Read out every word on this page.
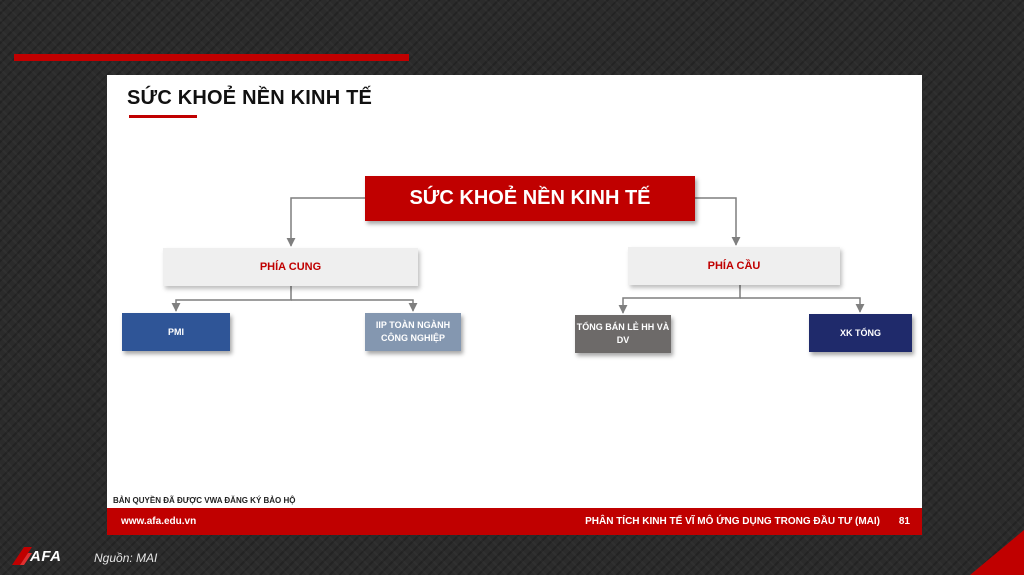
SỨC KHOẺ NỀN KINH TẾ
SỨC KHOẺ NỀN KINH TẾ
PHÍA CUNG	PHÍA CẦU
PMI
IIP TOÀN NGÀNH CÔNG NGHIỆP
TỔNG BÁN LẺ HH VÀ DV
XK TỔNG
BẢN QUYỀN ĐÃ ĐƯỢC VWA ĐĂNG KÝ BẢO HỘ
www.afa.edu.vn	PHÂN TÍCH KINH TẾ VĨ MÔ ỨNG DỤNG TRONG ĐẦU TƯ (MAI) 81
AFA	Nguồn: MAI
